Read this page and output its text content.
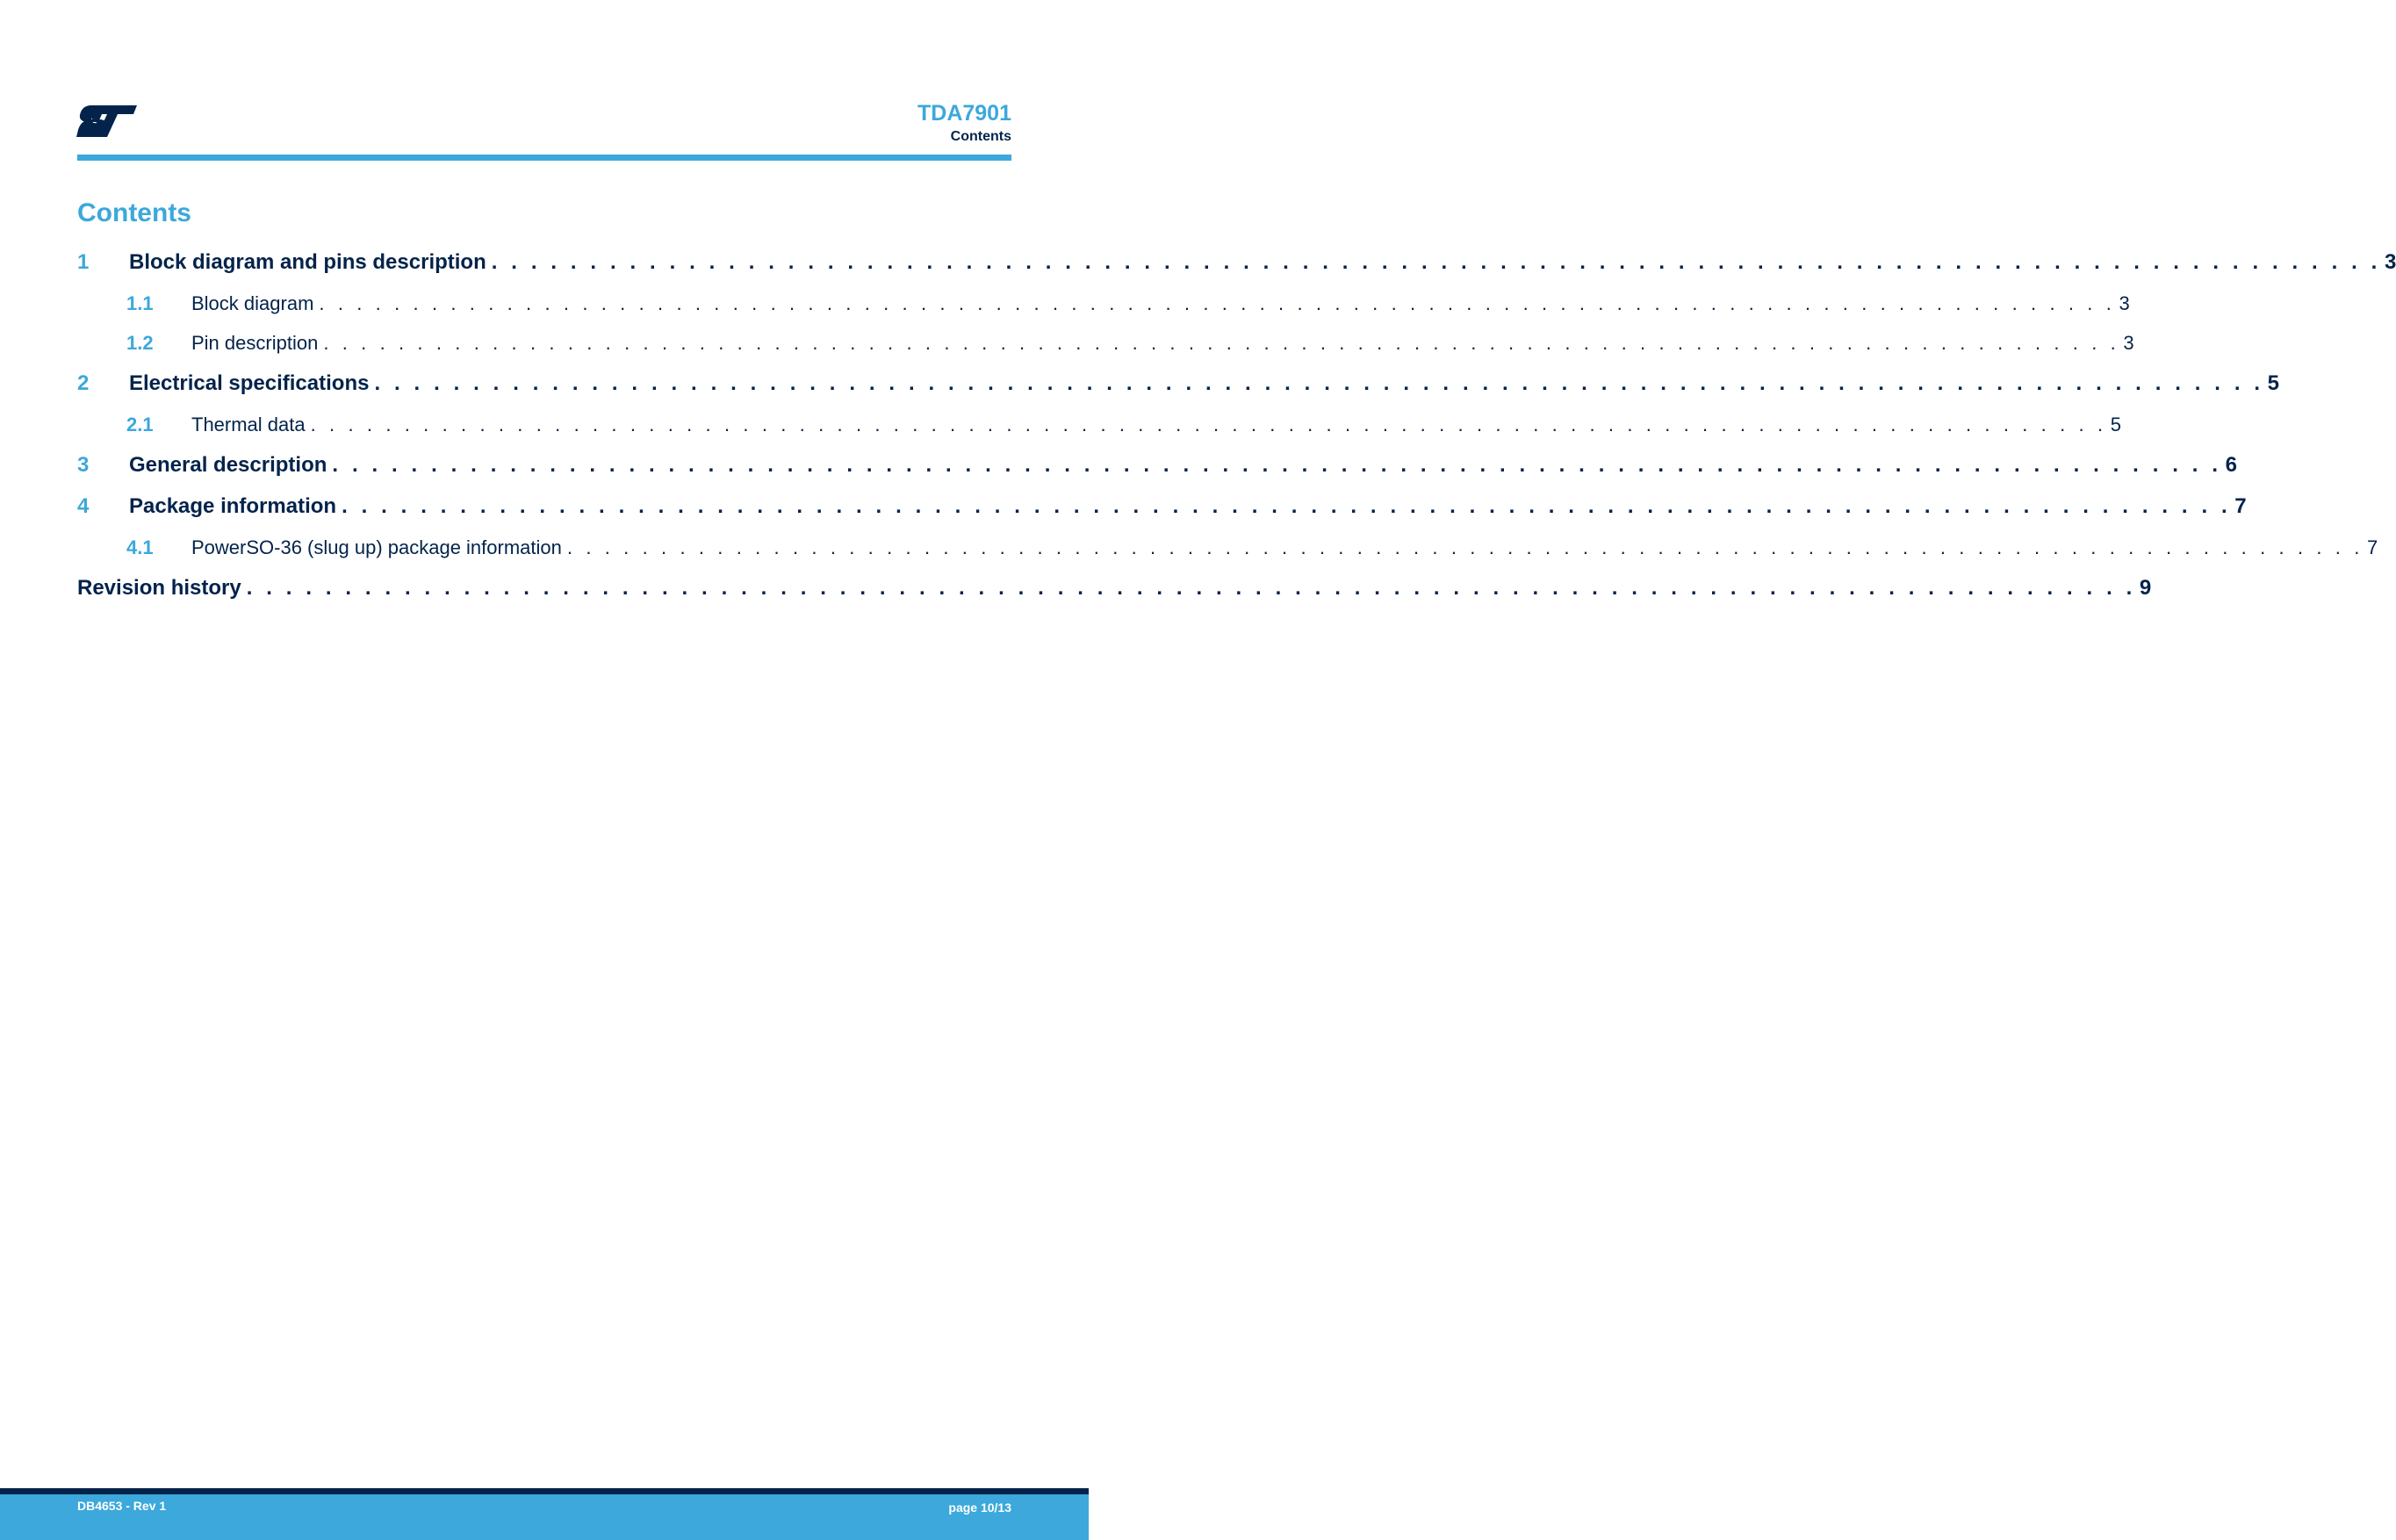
TDA7901
Contents
Contents
1	Block diagram and pins description . . . . . . . . . . . . . . . . . . . . . . . . . . . . . . . . . . . . . . . . . . . . . . . . . . . . . . . . . . . . . . . . . . . . . . . . . . . . . . . . . . . . . . . . . . . . . . . . 3
1.1	Block diagram . . . . . . . . . . . . . . . . . . . . . . . . . . . . . . . . . . . . . . . . . . . . . . . . . . . . . . . . . . . . . . . . . . . . . . . . . . . . . . . . . . . . . . . . . . . . . . . . 3
1.2	Pin description . . . . . . . . . . . . . . . . . . . . . . . . . . . . . . . . . . . . . . . . . . . . . . . . . . . . . . . . . . . . . . . . . . . . . . . . . . . . . . . . . . . . . . . . . . . . . . . . 3
2	Electrical specifications . . . . . . . . . . . . . . . . . . . . . . . . . . . . . . . . . . . . . . . . . . . . . . . . . . . . . . . . . . . . . . . . . . . . . . . . . . . . . . . . . . . . . . . . . . . . . . . . 5
2.1	Thermal data . . . . . . . . . . . . . . . . . . . . . . . . . . . . . . . . . . . . . . . . . . . . . . . . . . . . . . . . . . . . . . . . . . . . . . . . . . . . . . . . . . . . . . . . . . . . . . . . 5
3	General description . . . . . . . . . . . . . . . . . . . . . . . . . . . . . . . . . . . . . . . . . . . . . . . . . . . . . . . . . . . . . . . . . . . . . . . . . . . . . . . . . . . . . . . . . . . . . . . . 6
4	Package information . . . . . . . . . . . . . . . . . . . . . . . . . . . . . . . . . . . . . . . . . . . . . . . . . . . . . . . . . . . . . . . . . . . . . . . . . . . . . . . . . . . . . . . . . . . . . . . . 7
4.1	PowerSO-36 (slug up) package information . . . . . . . . . . . . . . . . . . . . . . . . . . . . . . . . . . . . . . . . . . . . . . . . . . . . . . . . . . . . . . . . . . . . . . . . . . . . . . . . . . . . . . . . . . . . . . . . 7
Revision history . . . . . . . . . . . . . . . . . . . . . . . . . . . . . . . . . . . . . . . . . . . . . . . . . . . . . . . . . . . . . . . . . . . . . . . . . . . . . . . . . . . . . . . . . . . . . . . . 9
DB4653 - Rev 1	page 10/13
